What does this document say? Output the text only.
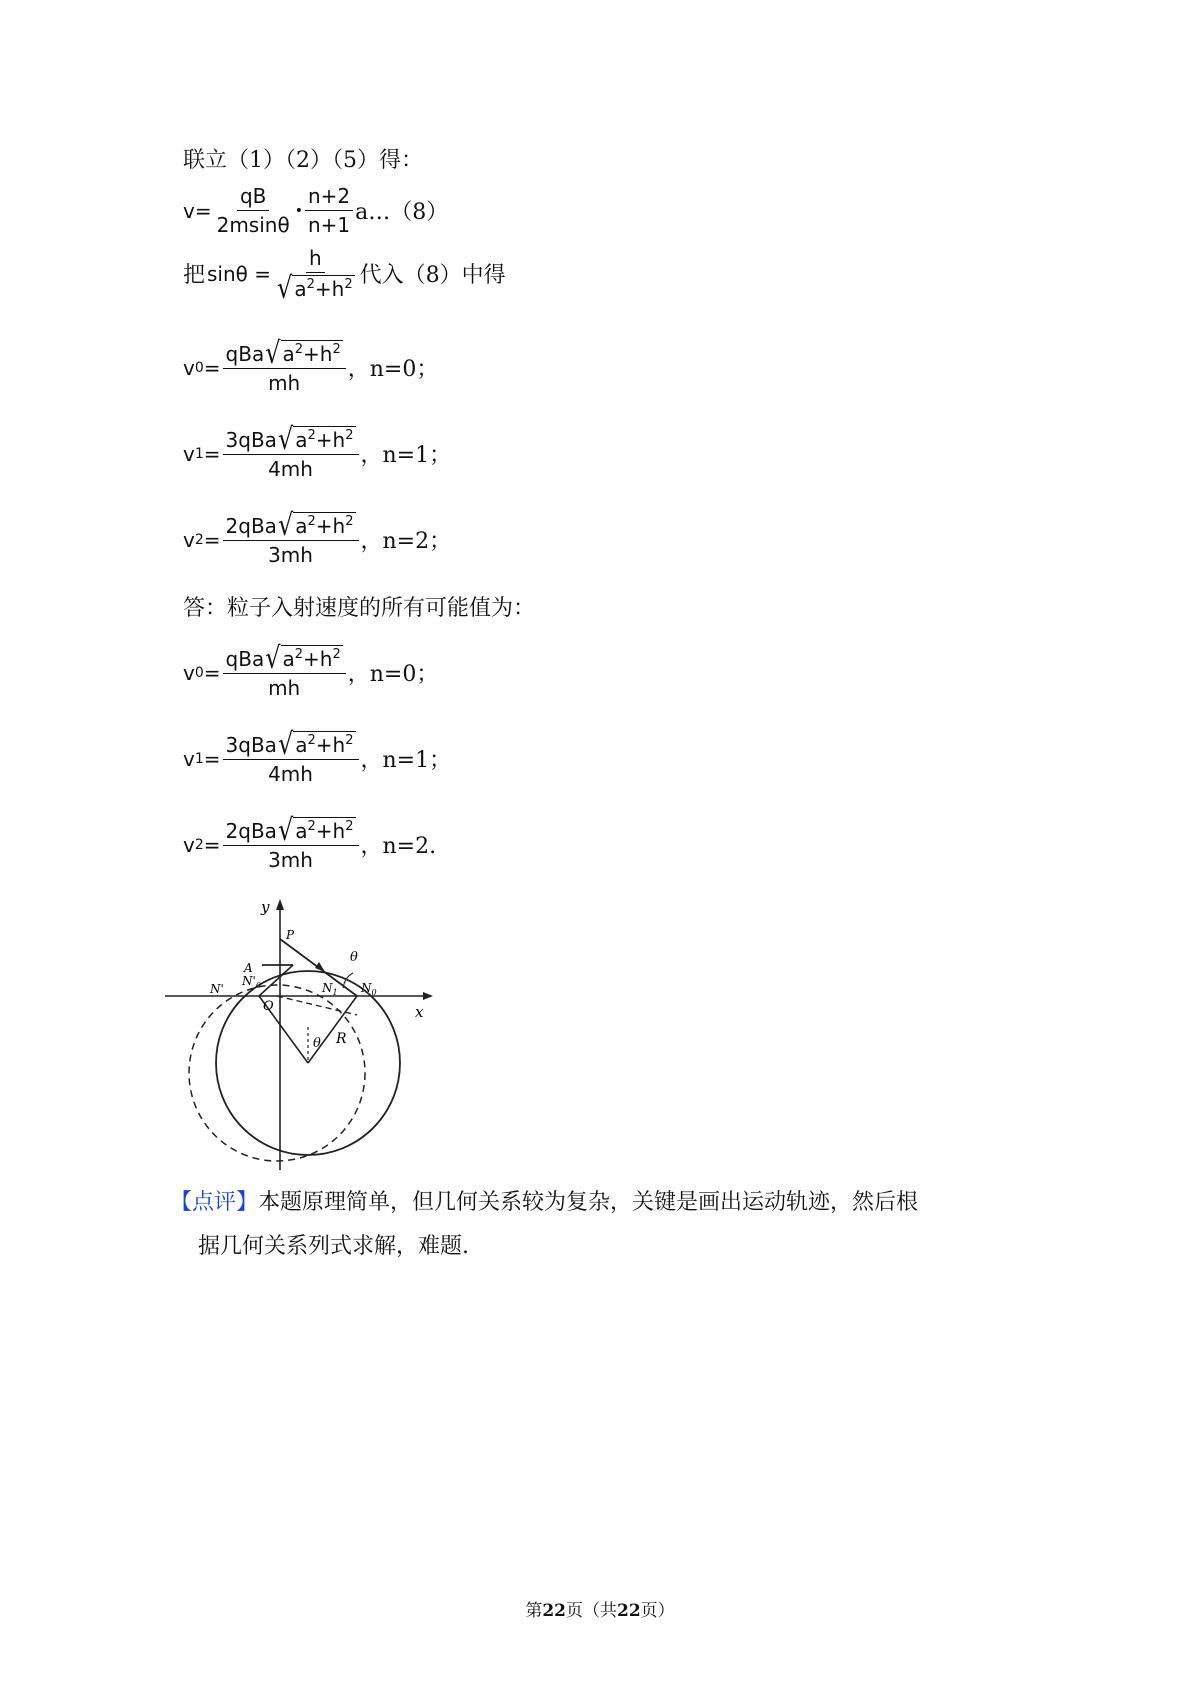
联立（1）（2）（5）得：
$v= \frac{qB}{2msin\theta}$ • $\frac{n+2}{n+1}$ a…（8）
把 $\sin\theta = \frac{h}{√ a 2 +h 2}$ 代入（8）中得
v $0 = \frac{\text{qBa √ a 2 +h 2}}{mh}$ ，n=0；
v $1 = \frac{\text{3qBa √ a 2 +h 2}}{4mh}$ ，n=1；
v $2 = \frac{\text{2qBa √ a 2 +h 2}}{3mh}$ ，n=2；
答：粒子入射速度的所有可能值为：
v $0 = \frac{\text{qBa √ a 2 +h 2}}{mh}$ ，n=0；
v $1 = \frac{\text{3qBa √ a 2 +h 2}}{4mh}$ ，n=1；
v $2 = \frac{\text{2qBa √ a 2 +h 2}}{3mh}$ ，n=2.
y
x
P
A
N'
$N'_0$
O
$N_1$ $N_0$
θ
θ R
【点评】本题原理简单，但几何关系较为复杂，关键是画出运动轨迹，然后根
据几何关系列式求解，难题.
第22页（共22页）
